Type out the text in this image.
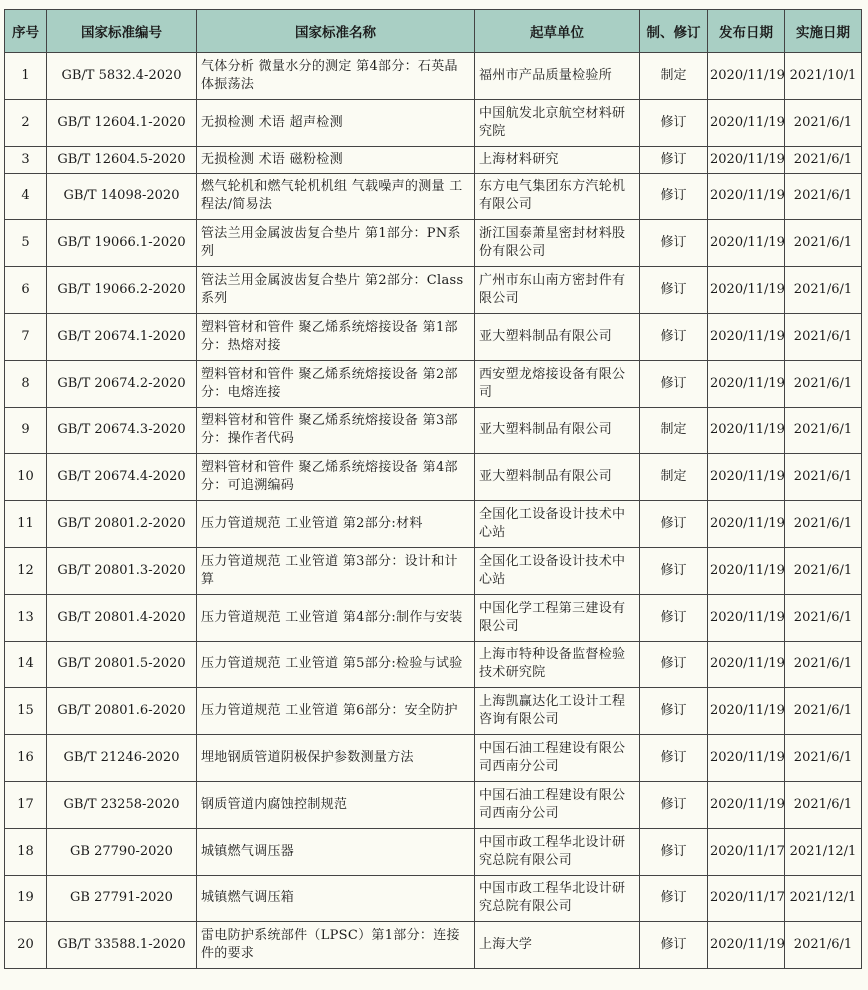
序号	国家标准编号	国家标准名称	起草单位	制、修订	发布日期	实施日期
1	GB/T 5832.4-2020	气体分析 微量水分的测定 第4部分：石英晶体振荡法	福州市产品质量检验所	制定	2020/11/19	2021/10/1
2	GB/T 12604.1-2020	无损检测 术语 超声检测	中国航发北京航空材料研究院	修订	2020/11/19	2021/6/1
3	GB/T 12604.5-2020	无损检测 术语 磁粉检测	上海材料研究	修订	2020/11/19	2021/6/1
4	GB/T 14098-2020	燃气轮机和燃气轮机机组 气载噪声的测量 工程法/简易法	东方电气集团东方汽轮机有限公司	修订	2020/11/19	2021/6/1
5	GB/T 19066.1-2020	管法兰用金属波齿复合垫片 第1部分：PN系列	浙江国泰萧星密封材料股份有限公司	修订	2020/11/19	2021/6/1
6	GB/T 19066.2-2020	管法兰用金属波齿复合垫片 第2部分：Class系列	广州市东山南方密封件有限公司	修订	2020/11/19	2021/6/1
7	GB/T 20674.1-2020	塑料管材和管件 聚乙烯系统熔接设备 第1部分：热熔对接	亚大塑料制品有限公司	修订	2020/11/19	2021/6/1
8	GB/T 20674.2-2020	塑料管材和管件 聚乙烯系统熔接设备 第2部分：电熔连接	西安塑龙熔接设备有限公司	修订	2020/11/19	2021/6/1
9	GB/T 20674.3-2020	塑料管材和管件 聚乙烯系统熔接设备 第3部分：操作者代码	亚大塑料制品有限公司	制定	2020/11/19	2021/6/1
10	GB/T 20674.4-2020	塑料管材和管件 聚乙烯系统熔接设备 第4部分：可追溯编码	亚大塑料制品有限公司	制定	2020/11/19	2021/6/1
11	GB/T 20801.2-2020	压力管道规范 工业管道 第2部分:材料	全国化工设备设计技术中心站	修订	2020/11/19	2021/6/1
12	GB/T 20801.3-2020	压力管道规范 工业管道 第3部分：设计和计算	全国化工设备设计技术中心站	修订	2020/11/19	2021/6/1
13	GB/T 20801.4-2020	压力管道规范 工业管道 第4部分:制作与安装	中国化学工程第三建设有限公司	修订	2020/11/19	2021/6/1
14	GB/T 20801.5-2020	压力管道规范 工业管道 第5部分:检验与试验	上海市特种设备监督检验技术研究院	修订	2020/11/19	2021/6/1
15	GB/T 20801.6-2020	压力管道规范 工业管道 第6部分：安全防护	上海凯赢达化工设计工程咨询有限公司	修订	2020/11/19	2021/6/1
16	GB/T 21246-2020	埋地钢质管道阴极保护参数测量方法	中国石油工程建设有限公司西南分公司	修订	2020/11/19	2021/6/1
17	GB/T 23258-2020	钢质管道内腐蚀控制规范	中国石油工程建设有限公司西南分公司	修订	2020/11/19	2021/6/1
18	GB 27790-2020	城镇燃气调压器	中国市政工程华北设计研究总院有限公司	修订	2020/11/17	2021/12/1
19	GB 27791-2020	城镇燃气调压箱	中国市政工程华北设计研究总院有限公司	修订	2020/11/17	2021/12/1
20	GB/T 33588.1-2020	雷电防护系统部件（LPSC）第1部分：连接件的要求	上海大学	修订	2020/11/19	2021/6/1
